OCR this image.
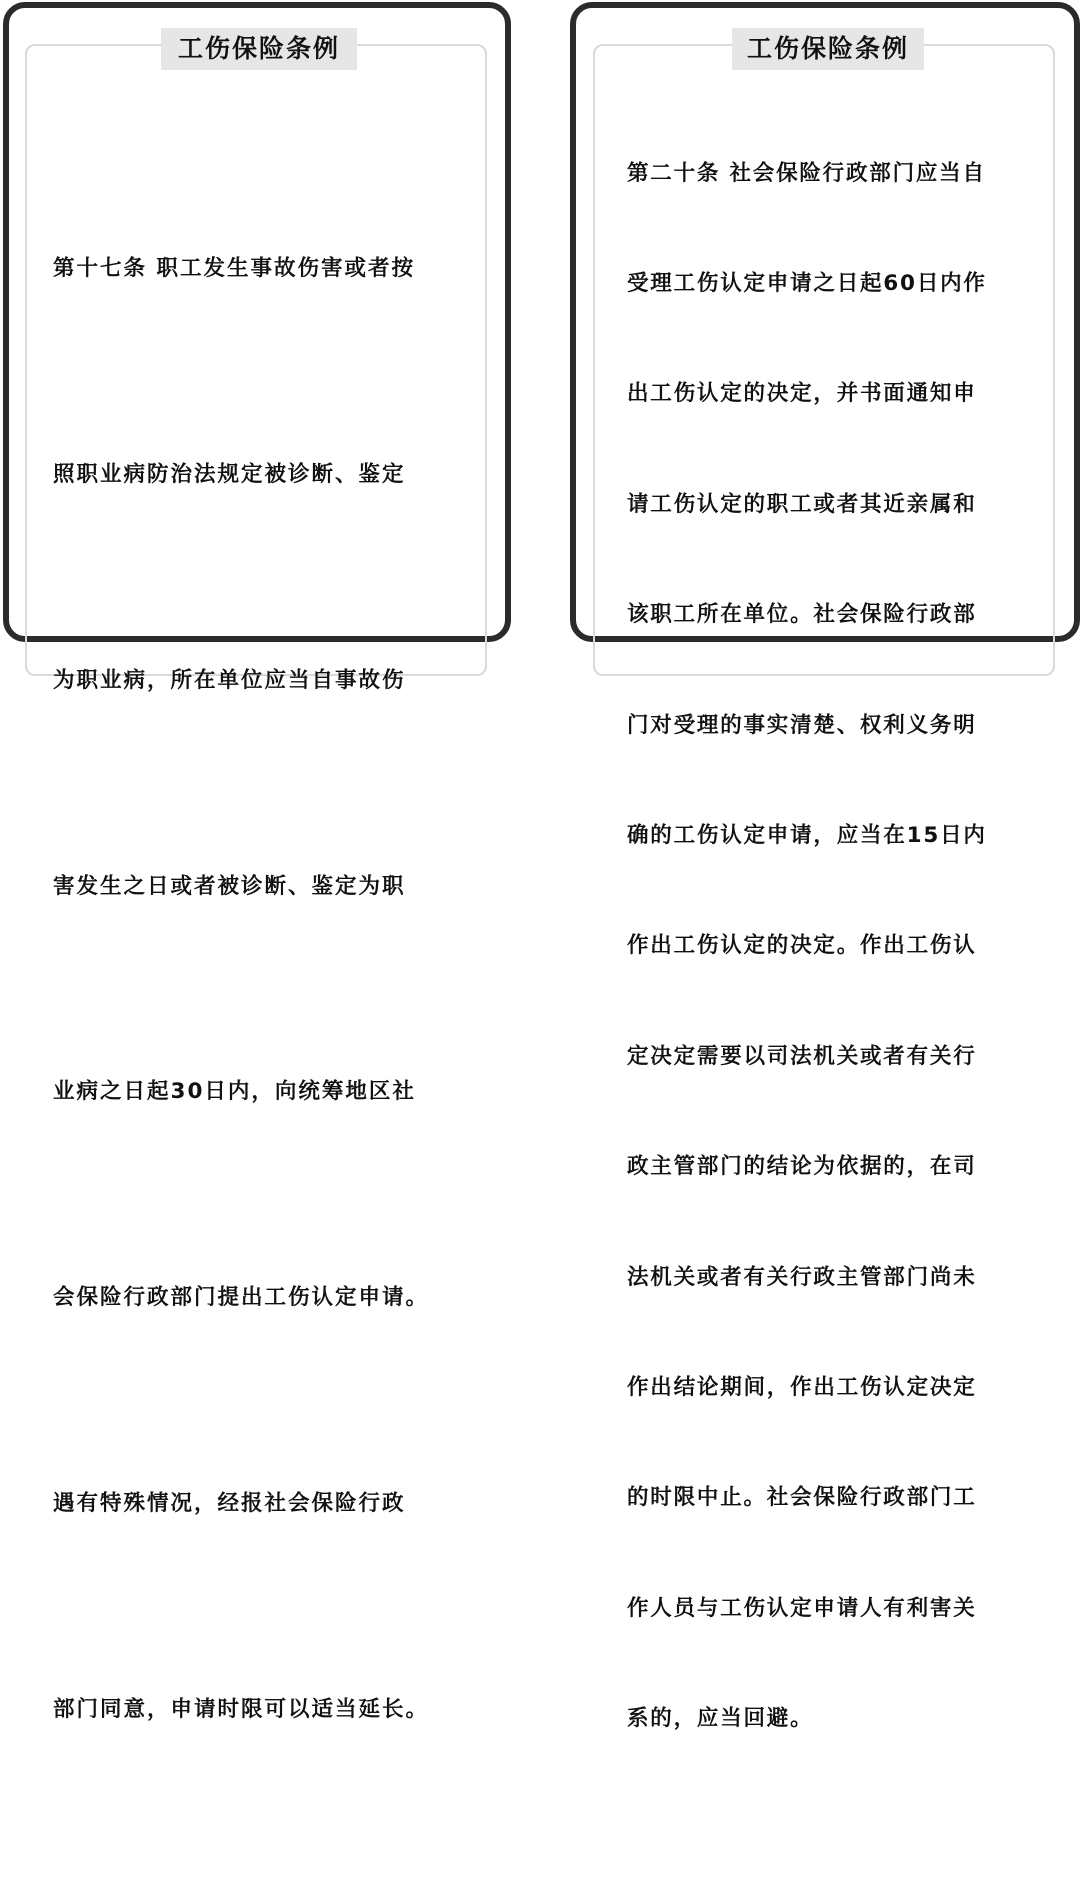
工伤保险条例

第十七条 职工发生事故伤害或者按

照职业病防治法规定被诊断、鉴定

为职业病，所在单位应当自事故伤

害发生之日或者被诊断、鉴定为职

业病之日起30日内，向统筹地区社

会保险行政部门提出工伤认定申请。

遇有特殊情况，经报社会保险行政

部门同意，申请时限可以适当延长。

工伤保险条例

第二十条 社会保险行政部门应当自

受理工伤认定申请之日起60日内作

出工伤认定的决定，并书面通知申

请工伤认定的职工或者其近亲属和

该职工所在单位。社会保险行政部

门对受理的事实清楚、权利义务明

确的工伤认定申请，应当在15日内

作出工伤认定的决定。作出工伤认

定决定需要以司法机关或者有关行

政主管部门的结论为依据的，在司

法机关或者有关行政主管部门尚未

作出结论期间，作出工伤认定决定

的时限中止。社会保险行政部门工

作人员与工伤认定申请人有利害关

系的，应当回避。
